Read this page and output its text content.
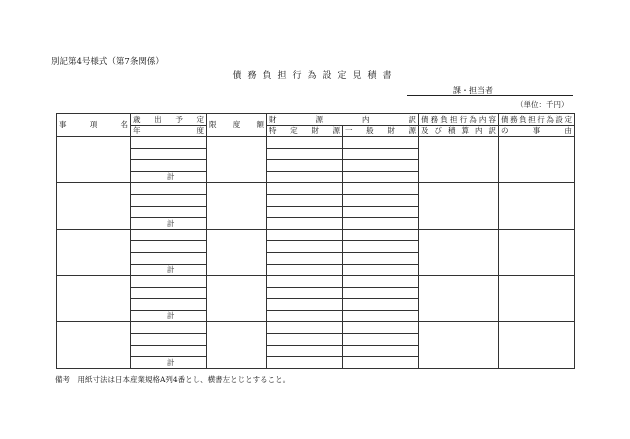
別記第4号様式（第7条関係）
債務負担行為設定見積書
課・担当者
（単位：千円）
事　　項　　名	歳　出　予　定	限　度　額	財　　源　　内　　訳		債務負担行為内容	債務負担行為設定
	年　　　　　　度		特　定　財　源	一　般　財　源	及び積算内訳	の　　事　　由

	計					

	計					

	計					

	計					

	計					
備考　用紙寸法は日本産業規格A列4番とし、横書左とじとすること。
